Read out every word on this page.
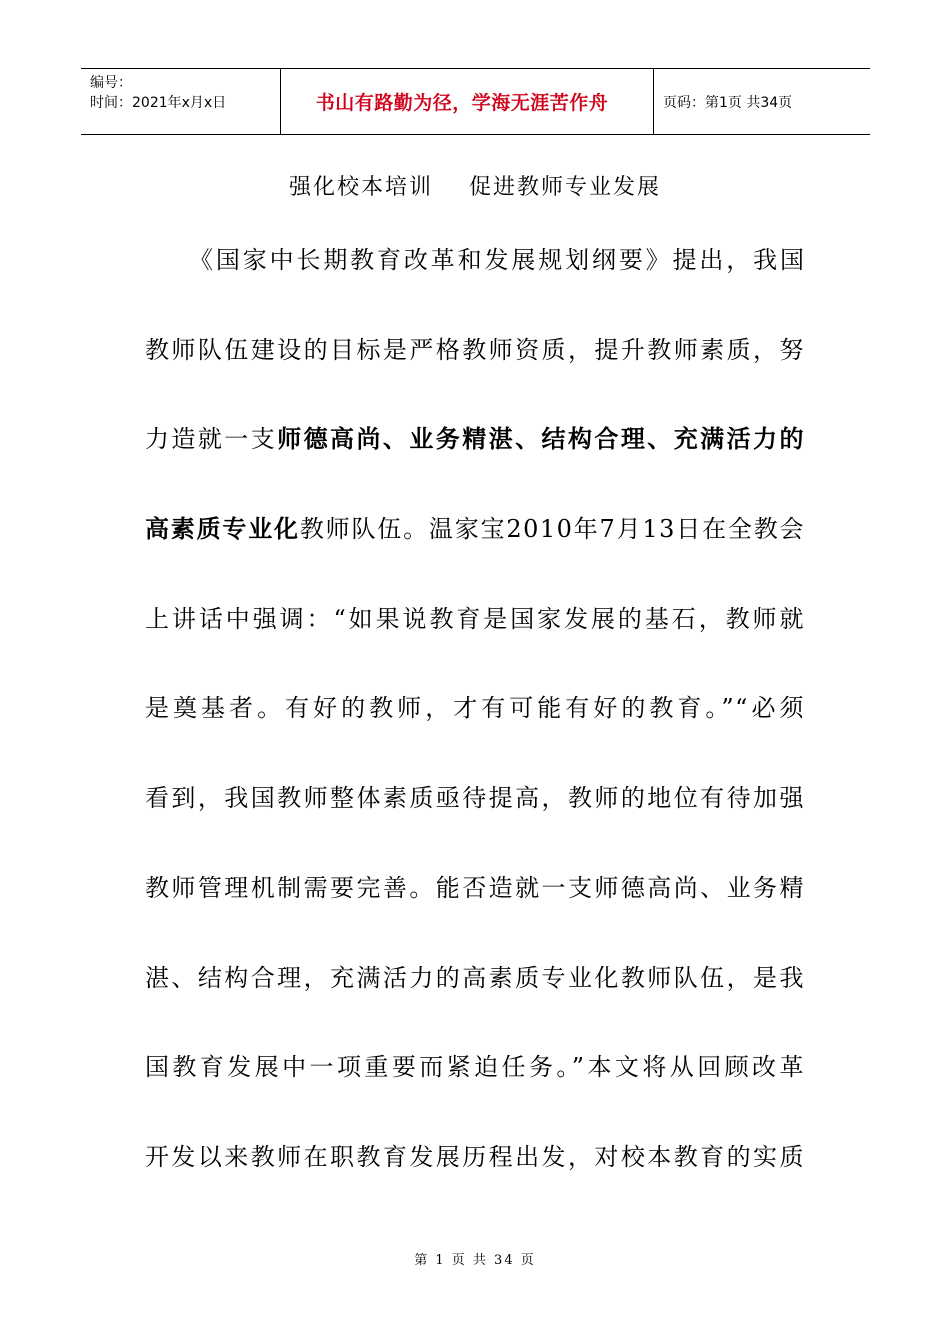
编号：
时间：2021年x月x日	书山有路勤为径，学海无涯苦作舟	页码：第1页 共34页
强化校本培训    促进教师专业发展
《国家中长期教育改革和发展规划纲要》提出，我国
教师队伍建设的目标是严格教师资质，提升教师素质，努
力造就一支师德高尚、业务精湛、结构合理、充满活力的
高素质专业化教师队伍。温家宝2010年7月13日在全教会
上讲话中强调：“如果说教育是国家发展的基石，教师就
是奠基者。有好的教师，才有可能有好的教育。”“必须
看到，我国教师整体素质亟待提高，教师的地位有待加强
教师管理机制需要完善。能否造就一支师德高尚、业务精
湛、结构合理，充满活力的高素质专业化教师队伍，是我
国教育发展中一项重要而紧迫任务。”本文将从回顾改革
开发以来教师在职教育发展历程出发，对校本教育的实质
第 1 页 共 34 页
